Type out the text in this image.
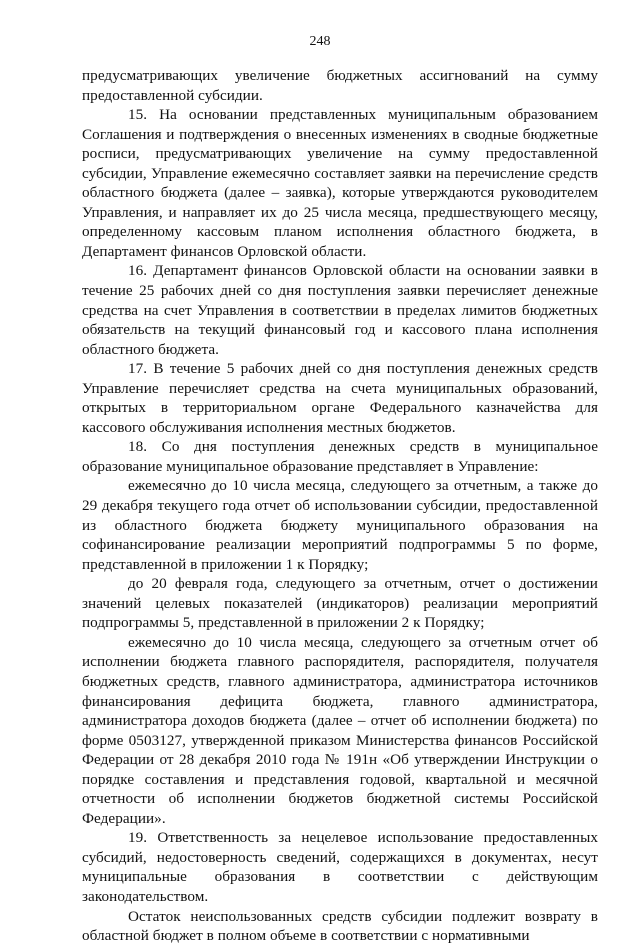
248

предусматривающих увеличение бюджетных ассигнований на сумму предоставленной субсидии.

15. На основании представленных муниципальным образованием Соглашения и подтверждения о внесенных изменениях в сводные бюджетные росписи, предусматривающих увеличение на сумму предоставленной субсидии, Управление ежемесячно составляет заявки на перечисление средств областного бюджета (далее – заявка), которые утверждаются руководителем Управления, и направляет их до 25 числа месяца, предшествующего месяцу, определенному кассовым планом исполнения областного бюджета, в Департамент финансов Орловской области.

16. Департамент финансов Орловской области на основании заявки в течение 25 рабочих дней со дня поступления заявки перечисляет денежные средства на счет Управления в соответствии в пределах лимитов бюджетных обязательств на текущий финансовый год и кассового плана исполнения областного бюджета.

17. В течение 5 рабочих дней со дня поступления денежных средств Управление перечисляет средства на счета муниципальных образований, открытых в территориальном органе Федерального казначейства для кассового обслуживания исполнения местных бюджетов.

18. Со дня поступления денежных средств в муниципальное образование муниципальное образование представляет в Управление:

ежемесячно до 10 числа месяца, следующего за отчетным, а также до 29 декабря текущего года отчет об использовании субсидии, предоставленной из областного бюджета бюджету муниципального образования на софинансирование реализации мероприятий подпрограммы 5 по форме, представленной в приложении 1 к Порядку;

до 20 февраля года, следующего за отчетным, отчет о достижении значений целевых показателей (индикаторов) реализации мероприятий подпрограммы 5, представленной в приложении 2 к Порядку;

ежемесячно до 10 числа месяца, следующего за отчетным отчет об исполнении бюджета главного распорядителя, распорядителя, получателя бюджетных средств, главного администратора, администратора источников финансирования дефицита бюджета, главного администратора, администратора доходов бюджета (далее – отчет об исполнении бюджета) по форме 0503127, утвержденной приказом Министерства финансов Российской Федерации от 28 декабря 2010 года № 191н «Об утверждении Инструкции о порядке составления и представления годовой, квартальной и месячной отчетности об исполнении бюджетов бюджетной системы Российской Федерации».

19. Ответственность за нецелевое использование предоставленных субсидий, недостоверность сведений, содержащихся в документах, несут муниципальные образования в соответствии с действующим законодательством.

Остаток неиспользованных средств субсидии подлежит возврату в областной бюджет в полном объеме в соответствии с нормативными
